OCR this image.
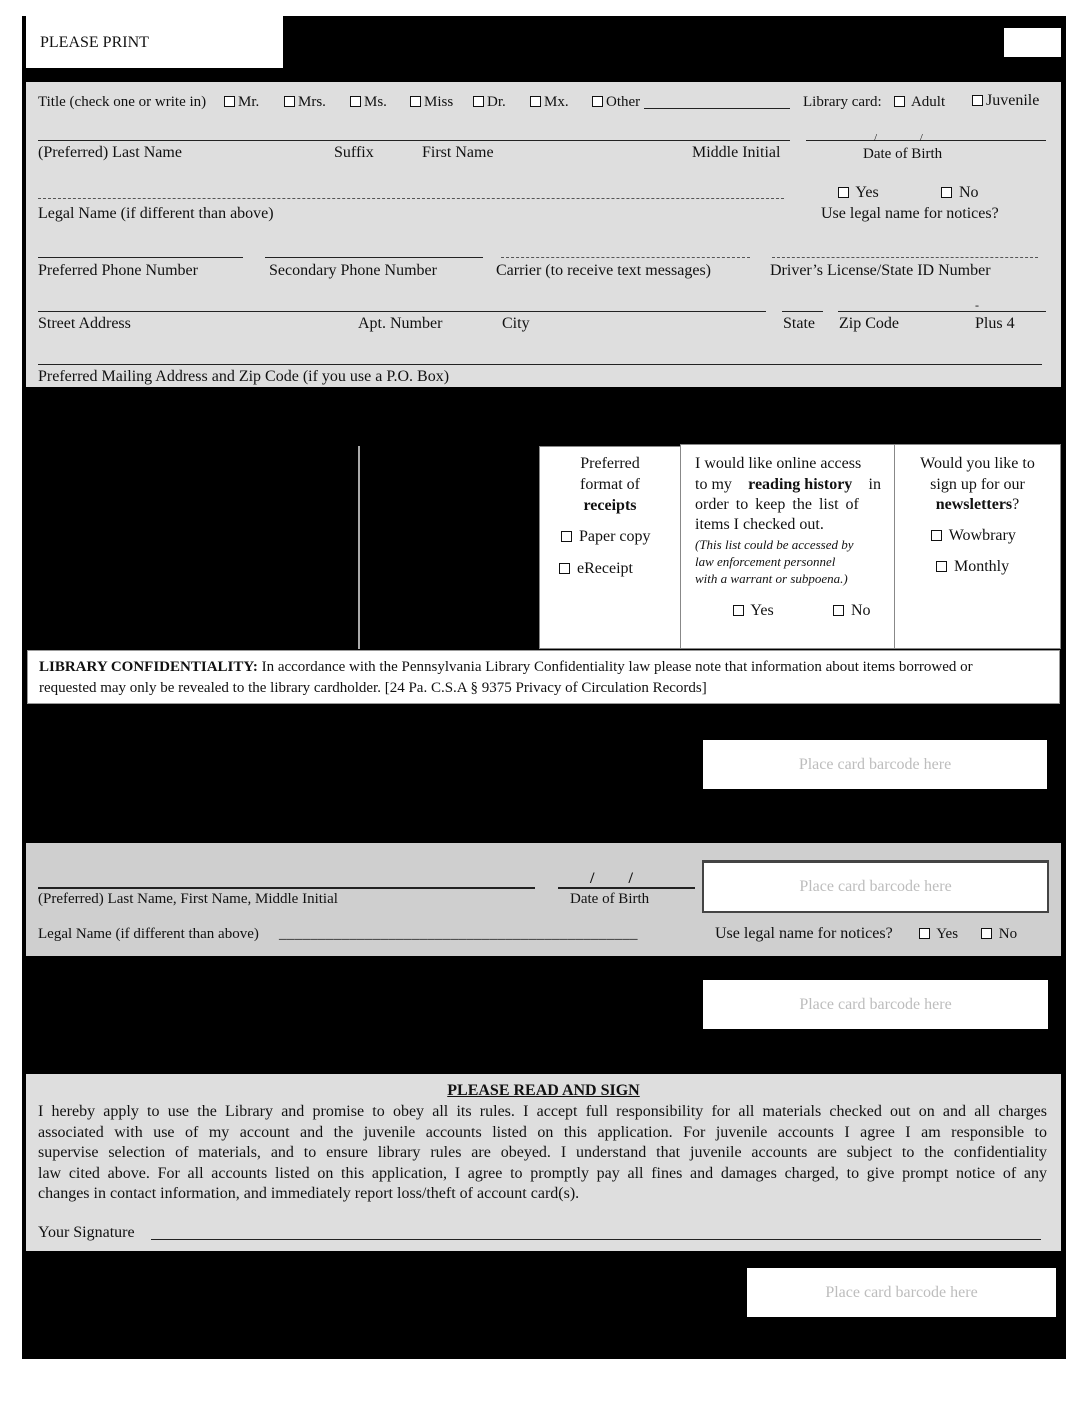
PLEASE PRINT
Title (check one or write in)	Mr.	Mrs.	Ms.	Miss	Dr.	Mx.	Other	Library card:	Adult	Juvenile
/ /
(Preferred) Last Name	Suffix	First Name	Middle Initial	Date of Birth
Legal Name (if different than above)
Yes	No
Use legal name for notices?
Preferred Phone Number	Secondary Phone Number	Carrier (to receive text messages)	Driver’s License/State ID Number
-
Street Address	Apt. Number	City	State Zip Code	Plus 4
Preferred Mailing Address and Zip Code (if you use a P.O. Box)
Preferred
format of
receipts
Paper copy
eReceipt
I would like online access
to my reading history in
order to keep the list of
items I checked out.
(This list could be accessed by
law enforcement personnel
with a warrant or subpoena.)
Yes	No
Would you like to
sign up for our
newsletters?
Wowbrary
Monthly
LIBRARY CONFIDENTIALITY: In accordance with the Pennsylvania Library Confidentiality law please note that information about items borrowed or
requested may only be revealed to the library cardholder. [24 Pa. C.S.A § 9375 Privacy of Circulation Records]
Place card barcode here
/ /
(Preferred) Last Name, First Name, Middle Initial	Date of Birth
Place card barcode here
Legal Name (if different than above) ______________________________________________	Use legal name for notices?	Yes	No
Place card barcode here
PLEASE READ AND SIGN
I hereby apply to use the Library and promise to obey all its rules. I accept full responsibility for all materials checked out on and all charges
associated with use of my account and the juvenile accounts listed on this application. For juvenile accounts I agree I am responsible to
supervise selection of materials, and to ensure library rules are obeyed. I understand that juvenile accounts are subject to the confidentiality
law cited above. For all accounts listed on this application, I agree to promptly pay all fines and damages charged, to give prompt notice of any
changes in contact information, and immediately report loss/theft of account card(s).
Your Signature
Place card barcode here
